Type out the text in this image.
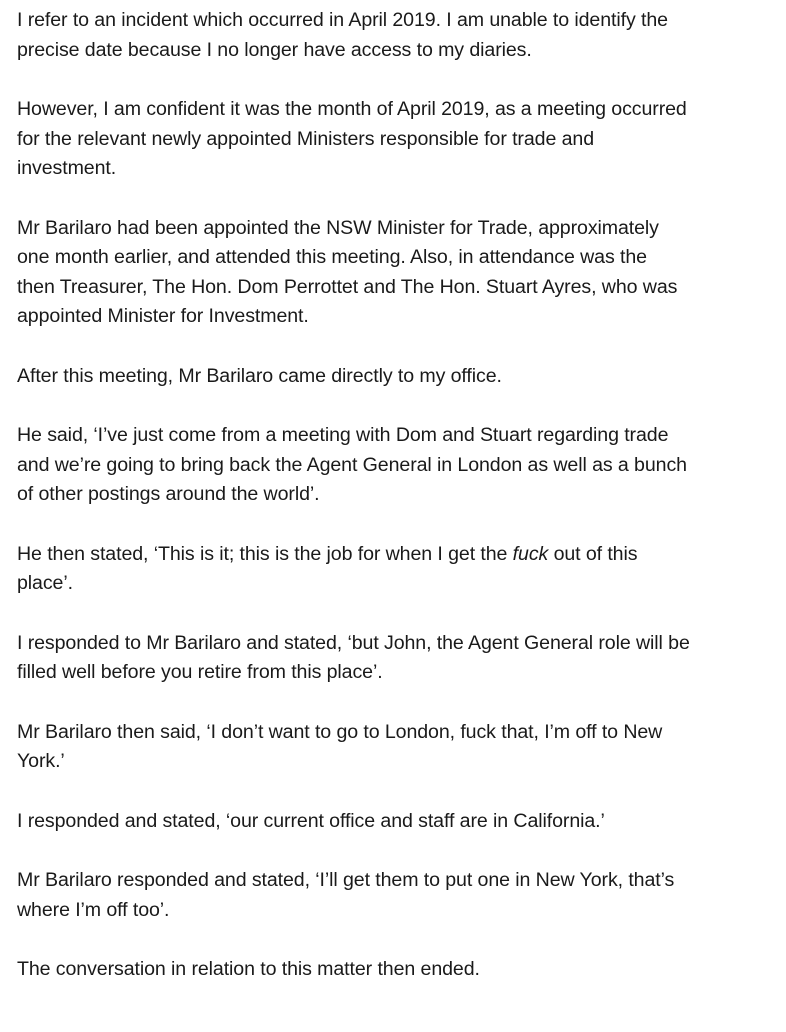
I refer to an incident which occurred in April 2019. I am unable to identify the
precise date because I no longer have access to my diaries.

However, I am confident it was the month of April 2019, as a meeting occurred
for the relevant newly appointed Ministers responsible for trade and
investment.

Mr Barilaro had been appointed the NSW Minister for Trade, approximately
one month earlier, and attended this meeting. Also, in attendance was the
then Treasurer, The Hon. Dom Perrottet and The Hon. Stuart Ayres, who was
appointed Minister for Investment.

After this meeting, Mr Barilaro came directly to my office.

He said, ‘I’ve just come from a meeting with Dom and Stuart regarding trade
and we’re going to bring back the Agent General in London as well as a bunch
of other postings around the world’.

He then stated, ‘This is it; this is the job for when I get the fuck out of this
place’.

I responded to Mr Barilaro and stated, ‘but John, the Agent General role will be
filled well before you retire from this place’.

Mr Barilaro then said, ‘I don’t want to go to London, fuck that, I’m off to New
York.’

I responded and stated, ‘our current office and staff are in California.’

Mr Barilaro responded and stated, ‘I’ll get them to put one in New York, that’s
where I’m off too’.

The conversation in relation to this matter then ended.
